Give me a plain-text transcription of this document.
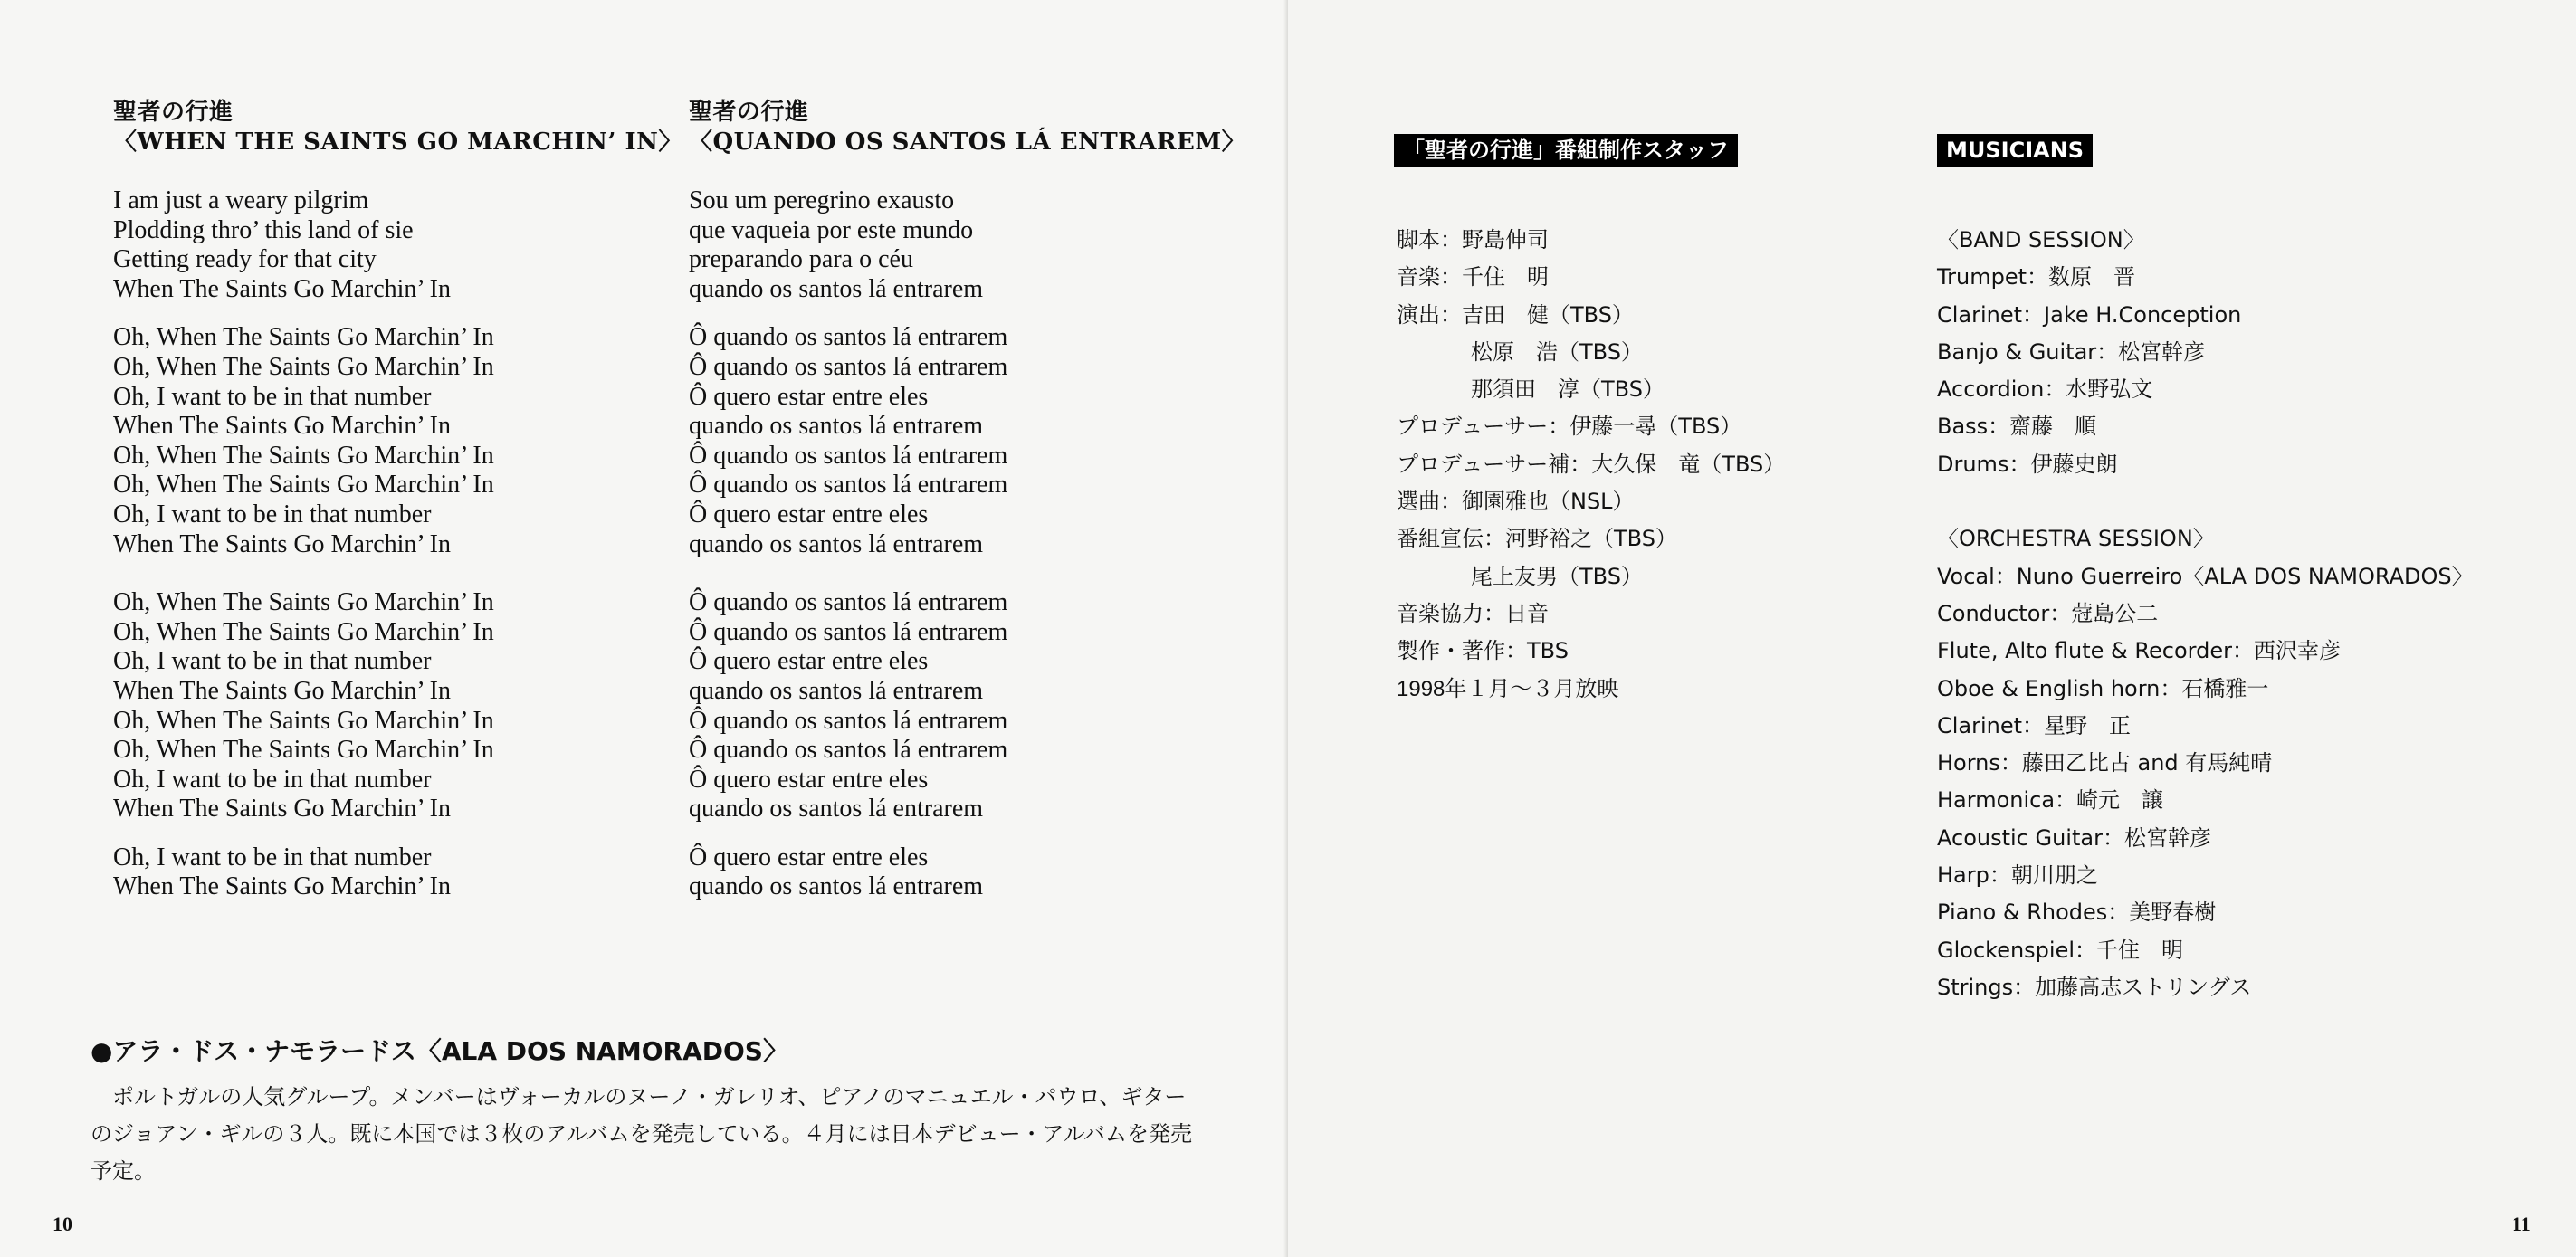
聖者の行進
〈WHEN THE SAINTS GO MARCHIN’ IN〉
I am just a weary pilgrim
Plodding thro’ this land of sie
Getting ready for that city
When The Saints Go Marchin’ In
Oh, When The Saints Go Marchin’ In
Oh, When The Saints Go Marchin’ In
Oh, I want to be in that number
When The Saints Go Marchin’ In
Oh, When The Saints Go Marchin’ In
Oh, When The Saints Go Marchin’ In
Oh, I want to be in that number
When The Saints Go Marchin’ In
Oh, When The Saints Go Marchin’ In
Oh, When The Saints Go Marchin’ In
Oh, I want to be in that number
When The Saints Go Marchin’ In
Oh, When The Saints Go Marchin’ In
Oh, When The Saints Go Marchin’ In
Oh, I want to be in that number
When The Saints Go Marchin’ In
Oh, I want to be in that number
When The Saints Go Marchin’ In
聖者の行進
〈QUANDO OS SANTOS LÁ ENTRAREM〉
Sou um peregrino exausto
que vaqueia por este mundo
preparando para o céu
quando os santos lá entrarem
Ô quando os santos lá entrarem
Ô quando os santos lá entrarem
Ô quero estar entre eles
quando os santos lá entrarem
Ô quando os santos lá entrarem
Ô quando os santos lá entrarem
Ô quero estar entre eles
quando os santos lá entrarem
Ô quando os santos lá entrarem
Ô quando os santos lá entrarem
Ô quero estar entre eles
quando os santos lá entrarem
Ô quando os santos lá entrarem
Ô quando os santos lá entrarem
Ô quero estar entre eles
quando os santos lá entrarem
Ô quero estar entre eles
quando os santos lá entrarem
●アラ・ドス・ナモラードス〈ALA DOS NAMORADOS〉
ポルトガルの人気グループ。メンバーはヴォーカルのヌーノ・ガレリオ、ピアノのマニュエル・パウロ、ギターのジョアン・ギルの３人。既に本国では３枚のアルバムを発売している。４月には日本デビュー・アルバムを発売予定。
10
「聖者の行進」番組制作スタッフ
脚本：野島伸司
音楽：千住　明
演出：吉田　健（TBS）
松原　浩（TBS）
那須田　淳（TBS）
プロデューサー：伊藤一尋（TBS）
プロデューサー補：大久保　竜（TBS）
選曲：御園雅也（NSL）
番組宣伝：河野裕之（TBS）
尾上友男（TBS）
音楽協力：日音
製作・著作：TBS
1998年１月〜３月放映
MUSICIANS
〈BAND SESSION〉
Trumpet：数原　晋
Clarinet：Jake H.Conception
Banjo & Guitar：松宮幹彦
Accordion：水野弘文
Bass：齋藤　順
Drums：伊藤史朗
〈ORCHESTRA SESSION〉
Vocal：Nuno Guerreiro〈ALA DOS NAMORADOS〉
Conductor：蒄島公二
Flute, Alto flute & Recorder：西沢幸彦
Oboe & English horn：石橋雅一
Clarinet：星野　正
Horns：藤田乙比古 and 有馬純晴
Harmonica：崎元　譲
Acoustic Guitar：松宮幹彦
Harp：朝川朋之
Piano & Rhodes：美野春樹
Glockenspiel：千住　明
Strings：加藤高志ストリングス
11
